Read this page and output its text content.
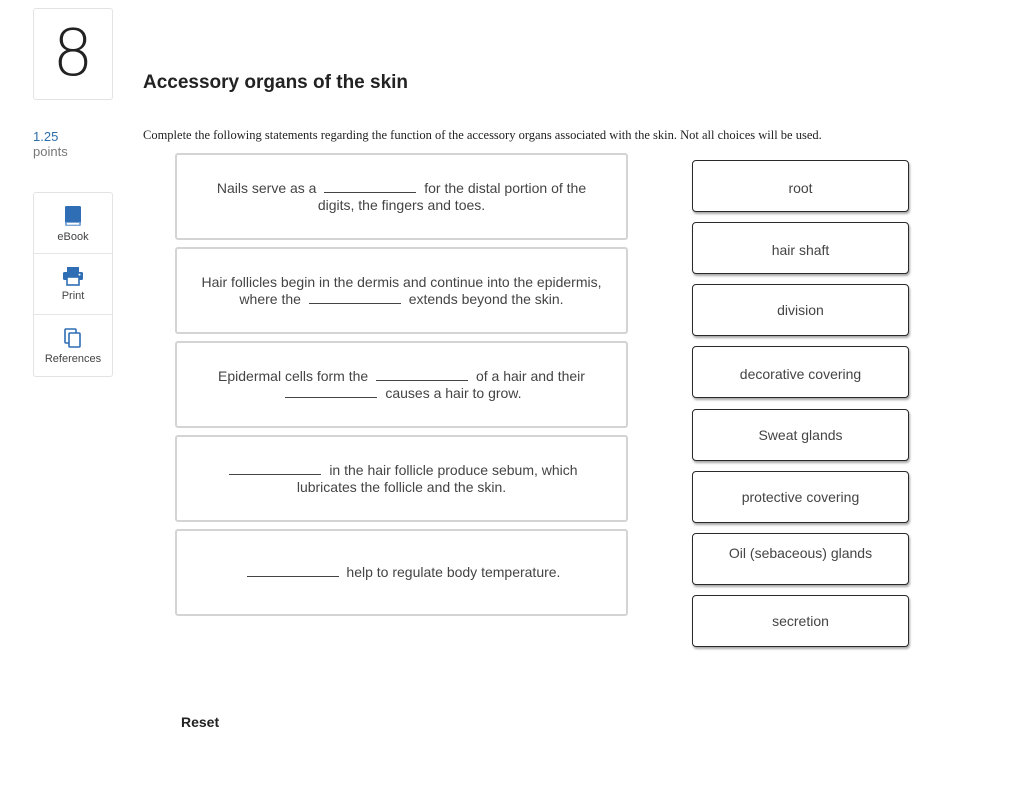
8
1.25
points
eBook
Print
References
Accessory organs of the skin
Complete the following statements regarding the function of the accessory organs associated with the skin. Not all choices will be used.
Nails serve as a	for the distal portion of the digits, the fingers and toes.
Hair follicles begin in the dermis and continue into the epidermis, where the	extends beyond the skin.
Epidermal cells form the	of a hair and their  causes a hair to grow.
in the hair follicle produce sebum, which lubricates the follicle and the skin.
help to regulate body temperature.
root
hair shaft
division
decorative covering
Sweat glands
protective covering
Oil (sebaceous) glands
secretion
Reset
